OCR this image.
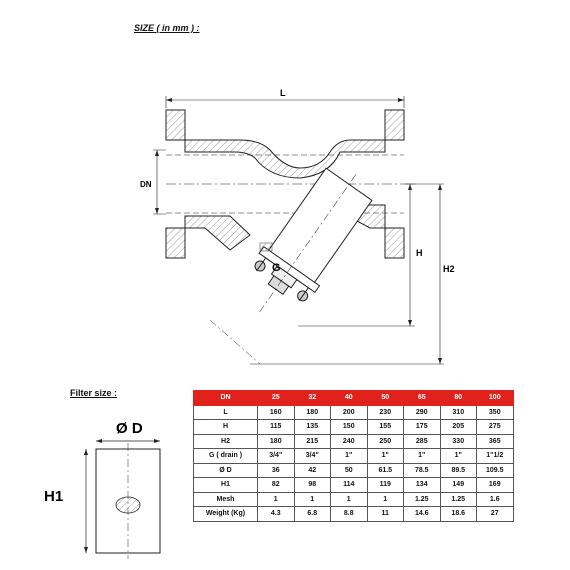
SIZE ( in mm ) :
L
DN
G
H
H2
Filter size :
Ø D
H1
DN	25	32	40	50	65	80	100
L	160	180	200	230	290	310	350
H	115	135	150	155	175	205	275
H2	180	215	240	250	285	330	365
G ( drain )	3/4"	3/4"	1"	1"	1"	1"	1"1/2
Ø D	36	42	50	61.5	78.5	89.5	109.5
H1	82	98	114	119	134	149	169
Mesh	1	1	1	1	1.25	1.25	1.6
Weight (Kg)	4.3	6.8	8.8	11	14.6	18.6	27
